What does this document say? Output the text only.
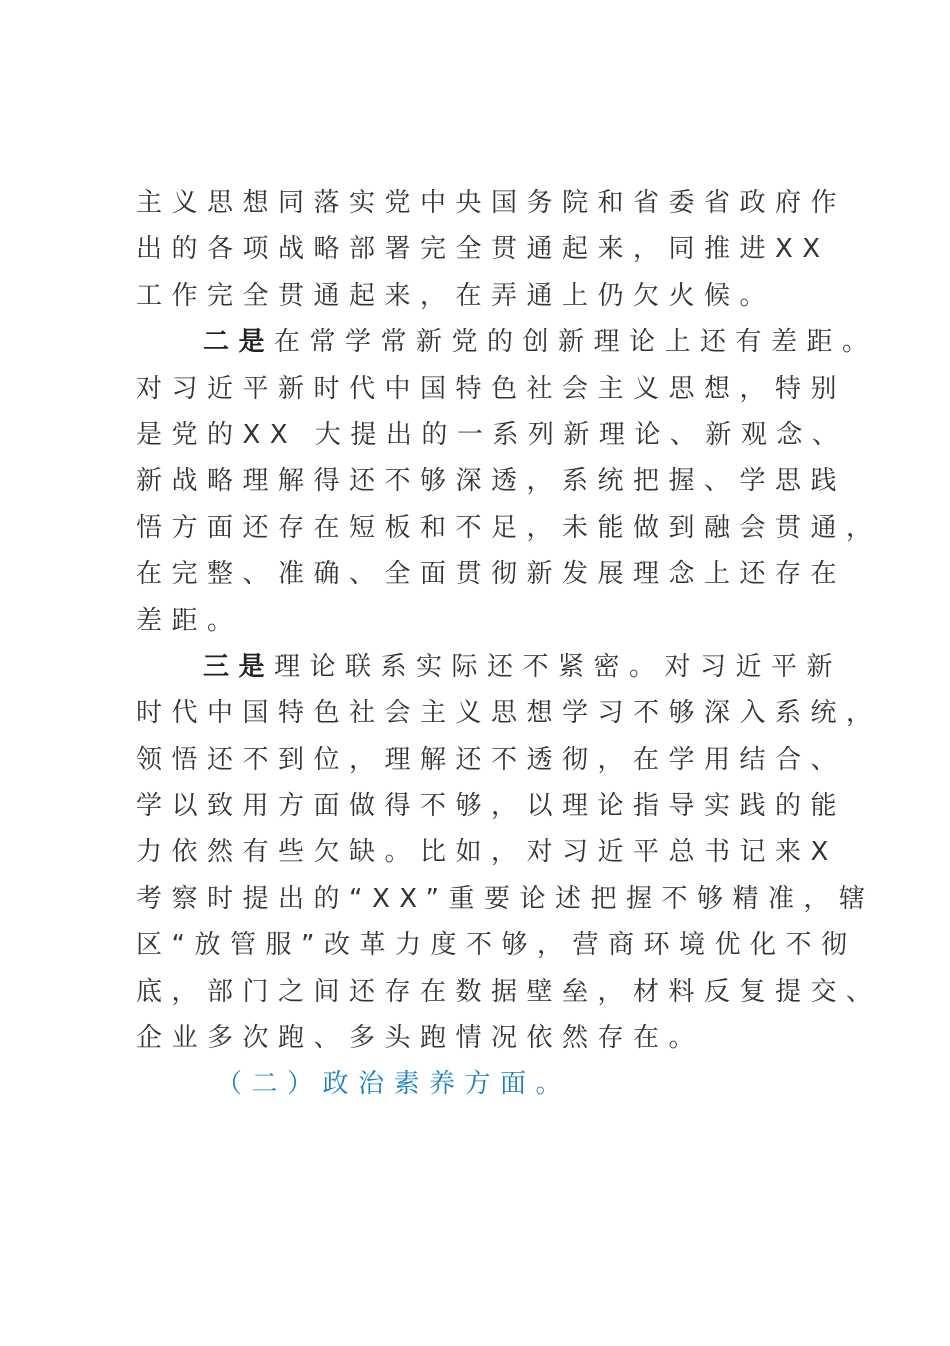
主义思想同落实党中央国务院和省委省政府作
出的各项战略部署完全贯通起来，同推进XX
工作完全贯通起来，在弄通上仍欠火候。
二是在常学常新党的创新理论上还有差距。
对习近平新时代中国特色社会主义思想，特别
是党的XX 大提出的一系列新理论、新观念、
新战略理解得还不够深透，系统把握、学思践
悟方面还存在短板和不足，未能做到融会贯通，
在完整、准确、全面贯彻新发展理念上还存在
差距。
三是理论联系实际还不紧密。对习近平新
时代中国特色社会主义思想学习不够深入系统，
领悟还不到位，理解还不透彻，在学用结合、
学以致用方面做得不够，以理论指导实践的能
力依然有些欠缺。比如，对习近平总书记来X
考察时提出的“XX”重要论述把握不够精准，辖
区“放管服”改革力度不够，营商环境优化不彻
底，部门之间还存在数据壁垒，材料反复提交、
企业多次跑、多头跑情况依然存在。
（二）政治素养方面。
